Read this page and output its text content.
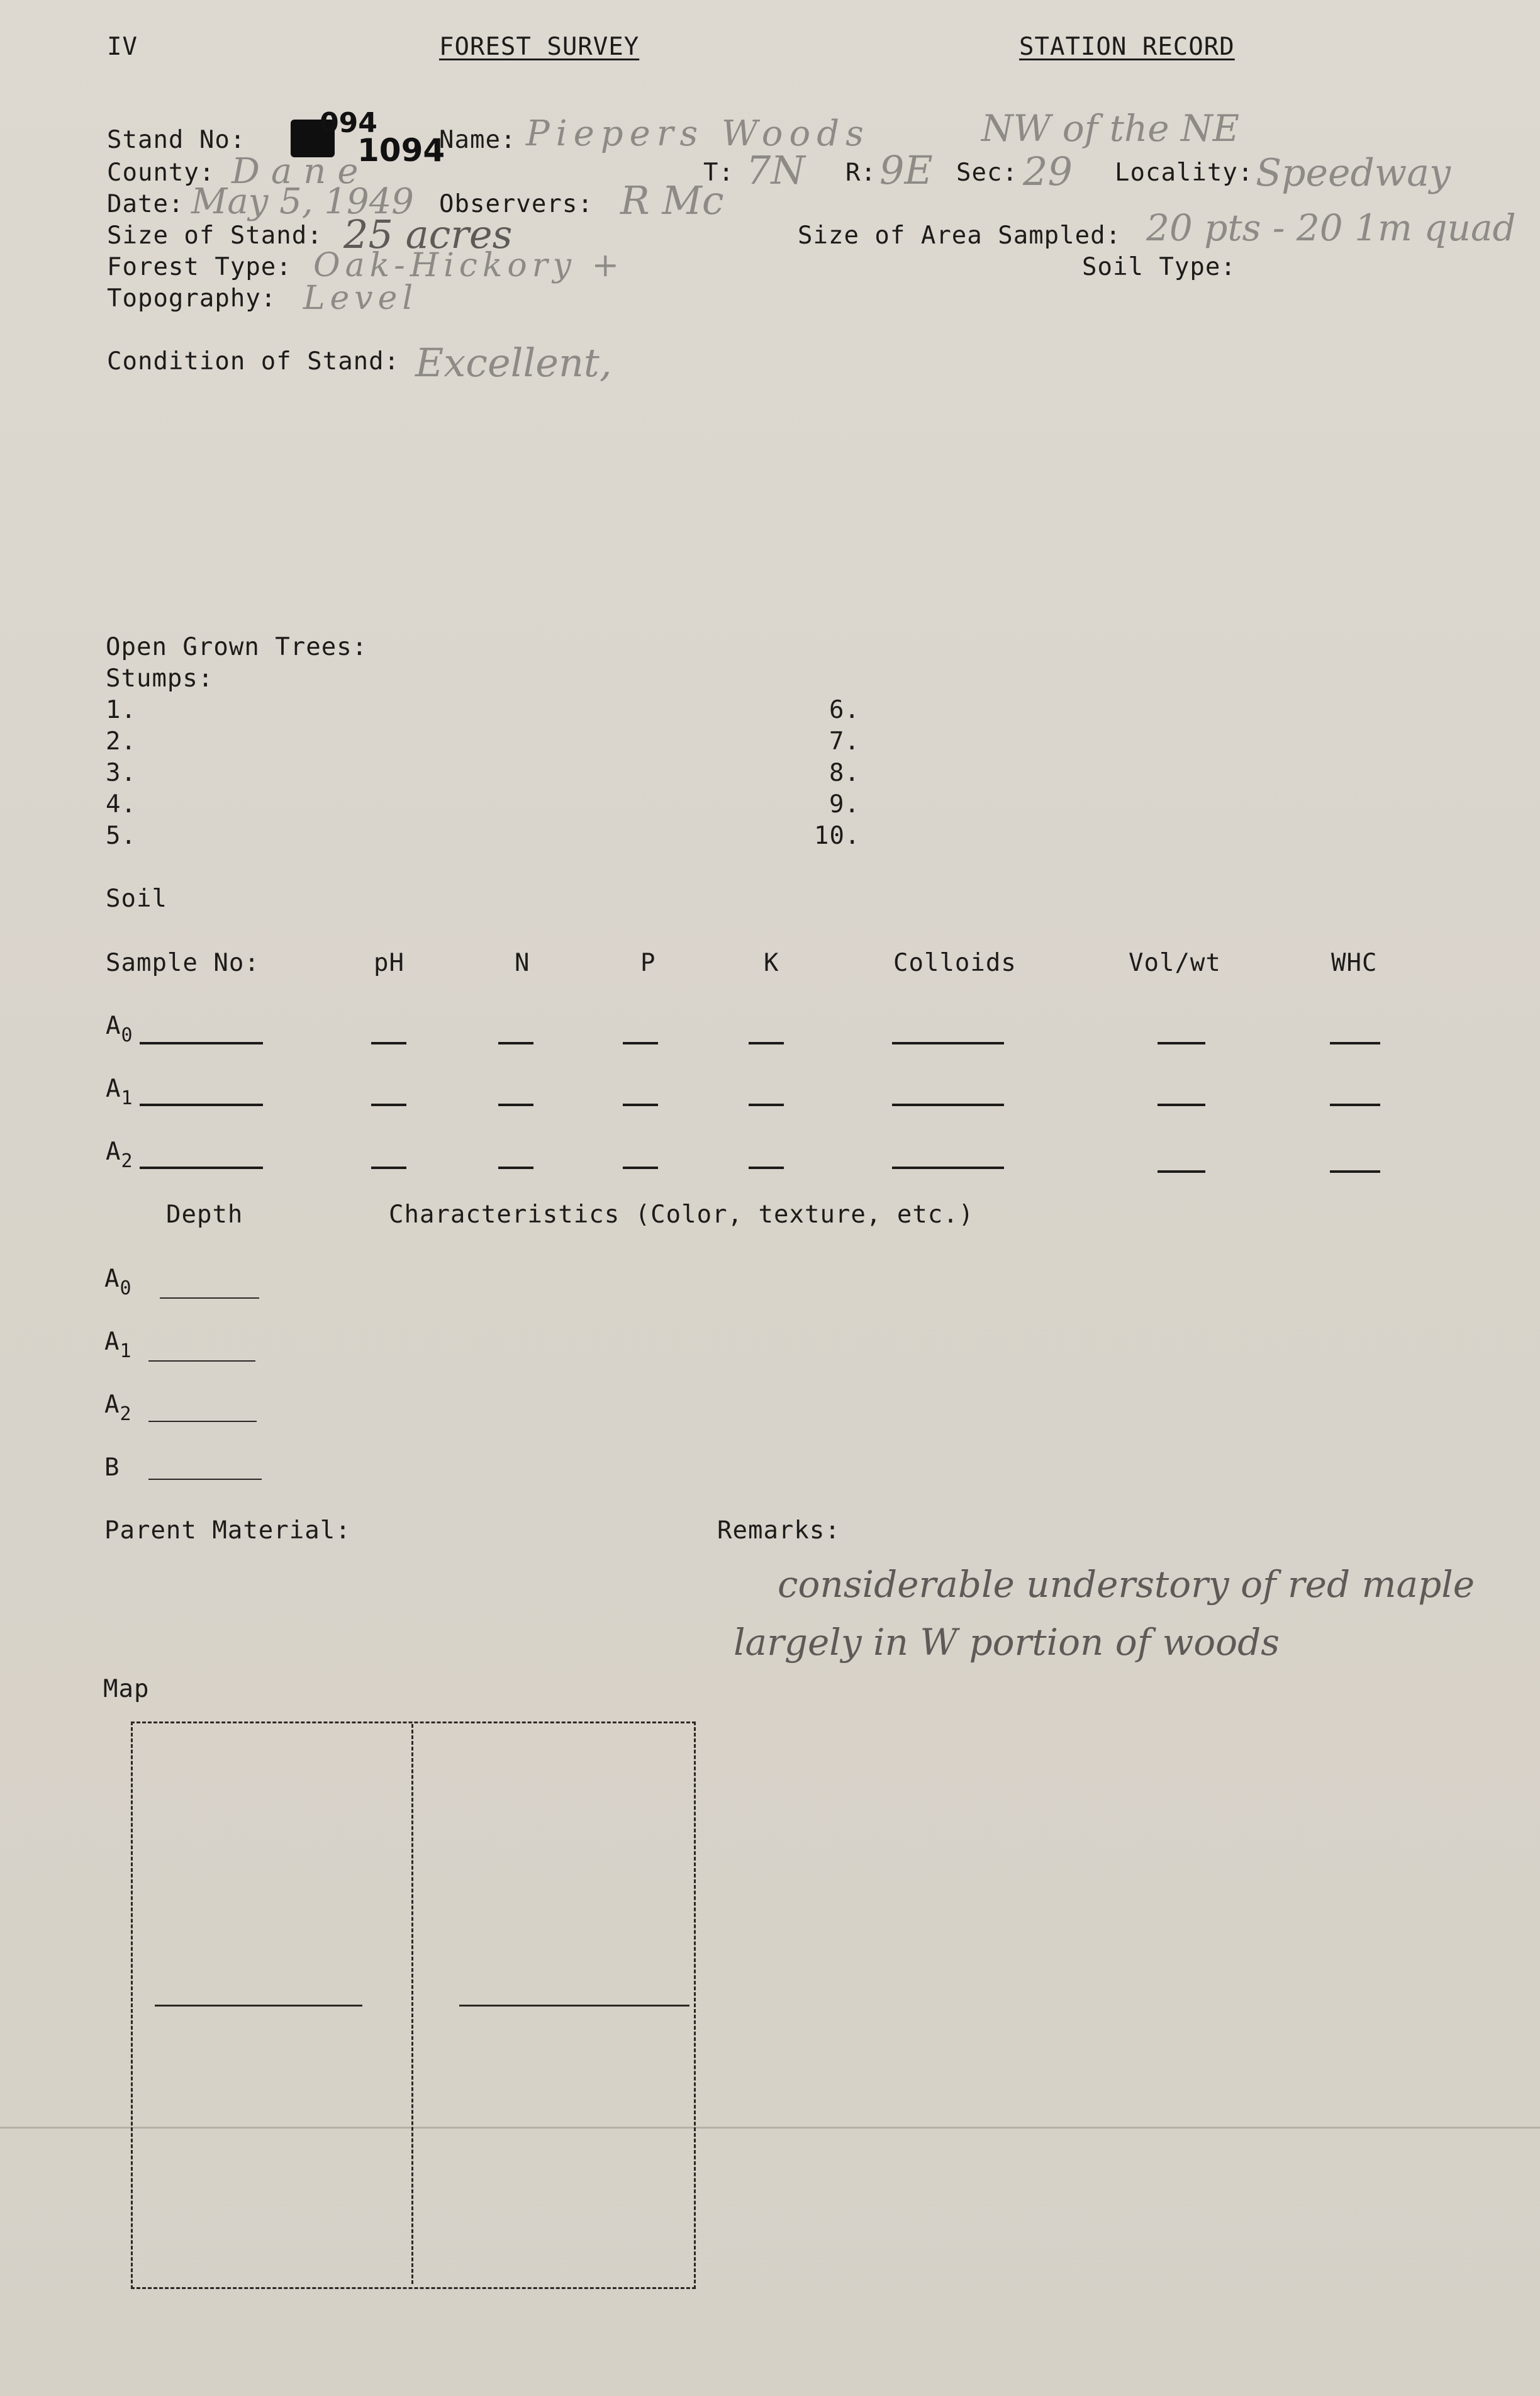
IV	FOREST SURVEY	STATION RECORD
Stand No:
094
1094
Name: Piepers Woods	NW of the NE
County: Dane	T: 7N R: 9E Sec: 29 Locality: Speedway
Date: May 5, 1949 Observers: R Mc
Size of Stand: 25 acres	Size of Area Sampled: 20 pts - 20 1m quad
Forest Type: Oak-Hickory +	Soil Type:
Topography: Level
Condition of Stand: Excellent,
Open Grown Trees:
Stumps:
1.
2.
3.
4.
5.
6.
7.
8.
9.
10.
Soil
Sample No:	pH	N	P	K	Colloids	Vol/wt	WHC
$A_0$
$A_1$
$A_2$
Depth	Characteristics (Color, texture, etc.)
$A_0$
$A_1$
$A_2$
B
Parent Material:	Remarks:
considerable understory of red maple
largely in W portion of woods
Map
